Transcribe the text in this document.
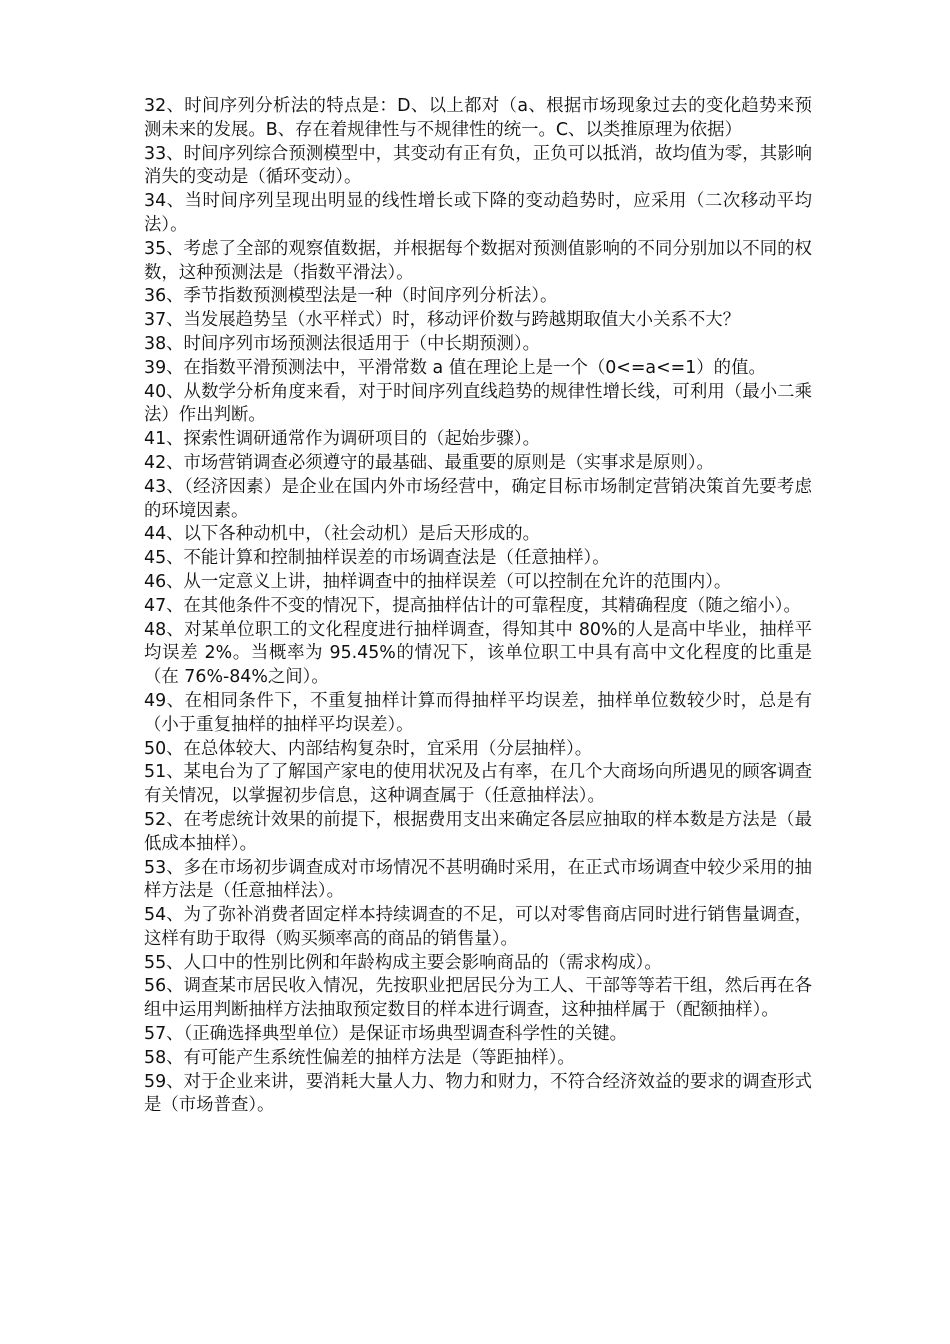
32、时间序列分析法的特点是：D、以上都对（a、根据市场现象过去的变化趋势来预测未来的发展。B、存在着规律性与不规律性的统一。C、以类推原理为依据）
33、时间序列综合预测模型中，其变动有正有负，正负可以抵消，故均值为零，其影响消失的变动是（循环变动）。
34、当时间序列呈现出明显的线性增长或下降的变动趋势时，应采用（二次移动平均法）。
35、考虑了全部的观察值数据，并根据每个数据对预测值影响的不同分别加以不同的权数，这种预测法是（指数平滑法）。
36、季节指数预测模型法是一种（时间序列分析法）。
37、当发展趋势呈（水平样式）时，移动评价数与跨越期取值大小关系不大？
38、时间序列市场预测法很适用于（中长期预测）。
39、在指数平滑预测法中，平滑常数 a 值在理论上是一个（0<=a<=1）的值。
40、从数学分析角度来看，对于时间序列直线趋势的规律性增长线，可利用（最小二乘法）作出判断。
41、探索性调研通常作为调研项目的（起始步骤）。
42、市场营销调查必须遵守的最基础、最重要的原则是（实事求是原则）。
43、（经济因素）是企业在国内外市场经营中，确定目标市场制定营销决策首先要考虑的环境因素。
44、以下各种动机中，（社会动机）是后天形成的。
45、不能计算和控制抽样误差的市场调查法是（任意抽样）。
46、从一定意义上讲，抽样调查中的抽样误差（可以控制在允许的范围内）。
47、在其他条件不变的情况下，提高抽样估计的可靠程度，其精确程度（随之缩小）。
48、对某单位职工的文化程度进行抽样调查，得知其中 80%的人是高中毕业，抽样平均误差 2%。当概率为 95.45%的情况下，该单位职工中具有高中文化程度的比重是（在 76%-84%之间）。
49、在相同条件下，不重复抽样计算而得抽样平均误差，抽样单位数较少时，总是有（小于重复抽样的抽样平均误差）。
50、在总体较大、内部结构复杂时，宜采用（分层抽样）。
51、某电台为了了解国产家电的使用状况及占有率，在几个大商场向所遇见的顾客调查有关情况，以掌握初步信息，这种调查属于（任意抽样法）。
52、在考虑统计效果的前提下，根据费用支出来确定各层应抽取的样本数是方法是（最低成本抽样）。
53、多在市场初步调查成对市场情况不甚明确时采用，在正式市场调查中较少采用的抽样方法是（任意抽样法）。
54、为了弥补消费者固定样本持续调查的不足，可以对零售商店同时进行销售量调查，这样有助于取得（购买频率高的商品的销售量）。
55、人口中的性别比例和年龄构成主要会影响商品的（需求构成）。
56、调查某市居民收入情况，先按职业把居民分为工人、干部等等若干组，然后再在各组中运用判断抽样方法抽取预定数目的样本进行调查，这种抽样属于（配额抽样）。
57、（正确选择典型单位）是保证市场典型调查科学性的关键。
58、有可能产生系统性偏差的抽样方法是（等距抽样）。
59、对于企业来讲，要消耗大量人力、物力和财力，不符合经济效益的要求的调查形式是（市场普查）。
